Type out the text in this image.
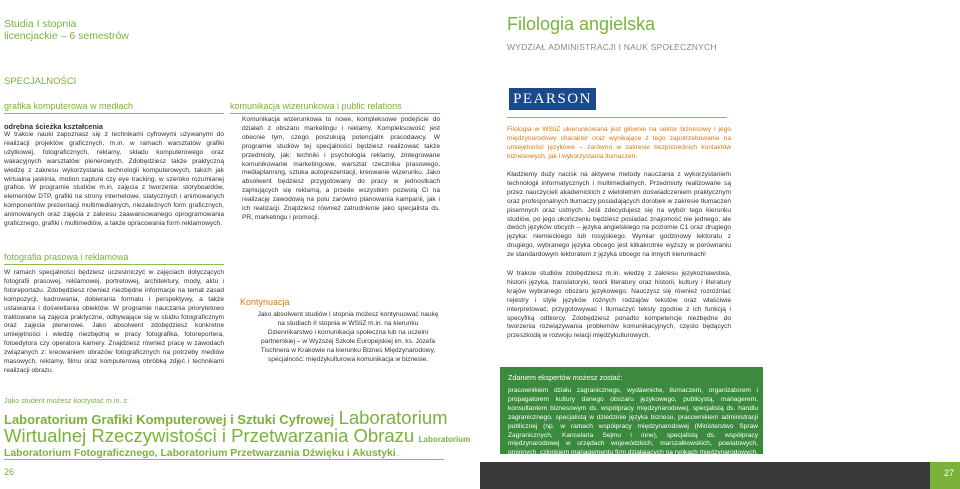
Studia I stopnia
licencjackie – 6 semestrów
SPECJALNOŚCI
grafika komputerowa w mediach
odrębna ścieżka kształcenia
W trakcie nauki zapoznasz się z technikami cyfrowymi używanymi do realizacji projektów graficznych, m.in. w ramach warsztatów grafiki użytkowej, fotograficznych, reklamy, składu komputerowego oraz wakacyjnych warsztatów plenerowych. Zdobędziesz także praktyczną wiedzę z zakresu wykorzystania technologii komputerowych, takich jak wirtualna jaskinia, motion capture czy eye tracking, w szeroko rozumianej grafice. W programie studiów m.in. zajęcia z tworzenia: storyboardów, elementów DTP, grafiki na strony internetowe, statycznych i animowanych komponentów prezentacji multimedialnych, niezależnych form graficznych, animowanych oraz zajęcia z zakresu zaawansowanego oprogramowania graficznego, grafiki i multimediów, a także opracowania form reklamowych.
fotografia prasowa i reklamowa
W ramach specjalności będziesz uczestniczyć w zajęciach dotyczących fotografii prasowej, reklamowej, portretowej, architektury, mody, aktu i fotoreportażu. Zdobędziesz również niezbędne informacje na temat zasad kompozycji, kadrowania, dobierania formatu i perspektywy, a także ustawiania i doświetlania obiektów. W programie nauczania priorytetowo traktowane są zajęcia praktyczne, odbywające się w studiu fotograficznym oraz zajęcia plenerowe. Jako absolwent zdobędziesz konkretne umiejętności i wiedzę niezbędną w pracy fotografika, fotoreportera, fotoedytora czy operatora kamery. Znajdziesz również pracę w zawodach związanych z: kreowaniem obrazów fotograficznych na potrzeby mediów masowych, reklamy, filmu oraz komputerową obróbką zdjęć i technikami realizacji obrazu.
komunikacja wizerunkowa i public relations
Komunikacja wizerunkowa to nowe, kompleksowe podejście do działań z obszaru marketingu i reklamy. Kompleksowość jest obecnie tym, czego poszukują potencjalni pracodawcy. W programie studiów tej specjalności będziesz realizować także przedmioty, jak: techniki i psychologia reklamy, zintegrowane komunikowanie marketingowe, warsztat rzecznika prasowego, mediaplanning, sztuka autoprezentacji, kreowanie wizerunku. Jako absolwent będziesz przygotowany do pracy w jednostkach zajmujących się reklamą, a przede wszystkim pozwolą Ci na realizację zawodową na polu zarówno planowania kampanii, jak i ich realizacji. Znajdziesz również zatrudnienie jako specjalista ds. PR, marketingu i promocji.
Kontynuacja
Jako absolwent studiów I stopnia możesz kontynuować naukę na studiach II stopnia w WSIiZ m.in. na kierunku Dziennikarstwo i komunikacja społeczna lub na uczelni partnerskiej – w Wyższej Szkole Europejskiej im. ks. Józefa Tischnera w Krakowie na kierunku Biznes Międzynarodowy, specjalność: międzykulturowa komunikacja w biznesie.
Jako student możesz korzystać m.in. z:
Laboratorium Grafiki Komputerowej i Sztuki Cyfrowej Laboratorium
Wirtualnej Rzeczywistości i Przetwarzania Obrazu Laboratorium
Laboratorium Fotograficznego, Laboratorium Przetwarzania Dźwięku i Akustyki...
26
Filologia angielska
WYDZIAŁ ADMINISTRACJI I NAUK SPOŁECZNYCH
PEARSON
Filologia w WSIiZ ukierunkowana jest głównie na sektor biznesowy i jego międzynarodowy charakter oraz wynikające z tego zapotrzebowanie na umiejętności językowe – zarówno w zakresie bezpośrednich kontaktów biznesowych, jak i wykorzystania tłumaczeń.
Kładziemy duży nacisk na aktywne metody nauczania z wykorzystaniem technologii informatycznych i multimedialnych. Przedmioty realizowane są przez nauczycieli akademickich z wieloletnim doświadczeniem praktycznym oraz profesjonalnych tłumaczy posiadających dorobek w zakresie tłumaczeń pisemnych oraz ustnych. Jeśli zdecydujesz się na wybór tego kierunku studiów, po jego ukończeniu będziesz posiadać znajomość nie jednego, ale dwóch języków obcych – języka angielskiego na poziomie C1 oraz drugiego języka: niemieckiego lub rosyjskiego. Wymiar godzinowy lektoratu z drugiego, wybranego języka obcego jest kilkakrotnie wyższy w porównaniu ze standardowym lektoratem z języka obcego na innych kierunkach!
W trakcie studiów zdobędziesz m.in. wiedzę z zakresu językoznawstwa, historii języka, translatoryki, teorii literatury oraz historii, kultury i literatury krajów wybranego obszaru językowego. Nauczysz się również rozróżniać rejestry i style języków różnych rodzajów tekstów oraz właściwie interpretować, przygotowywać i tłumaczyć teksty zgodnie z ich funkcją i specyfiką odbiorcy. Zdobędziesz ponadto kompetencje niezbędne do tworzenia rozwiązywania problemów komunikacyjnych, często będących przeszkodą w rozwoju relacji międzykulturowych.
Zdaniem ekspertów możesz zostać:
pracownikiem działu zagranicznego, wydawnictw, tłumaczem, organizatorem i propagatorem kultury danego obszaru językowego, publicystą, managerem, konsultantem biznesowym ds. współpracy międzynarodowej, specjalistą ds. handlu zagranicznego, specjalistą w dziedzinie języka biznesu, pracownikiem administracji publicznej (np. w ramach współpracy międzynarodowej (Ministerstwo Spraw Zagranicznych, Kancelaria Sejmu i inne), specjalistą ds. współpracy międzynarodowej w urzędach wojewódzkich, marszałkowskich, powiatowych, gminnych, członkiem managementu firm działających na rynkach międzynarodowych.
27
